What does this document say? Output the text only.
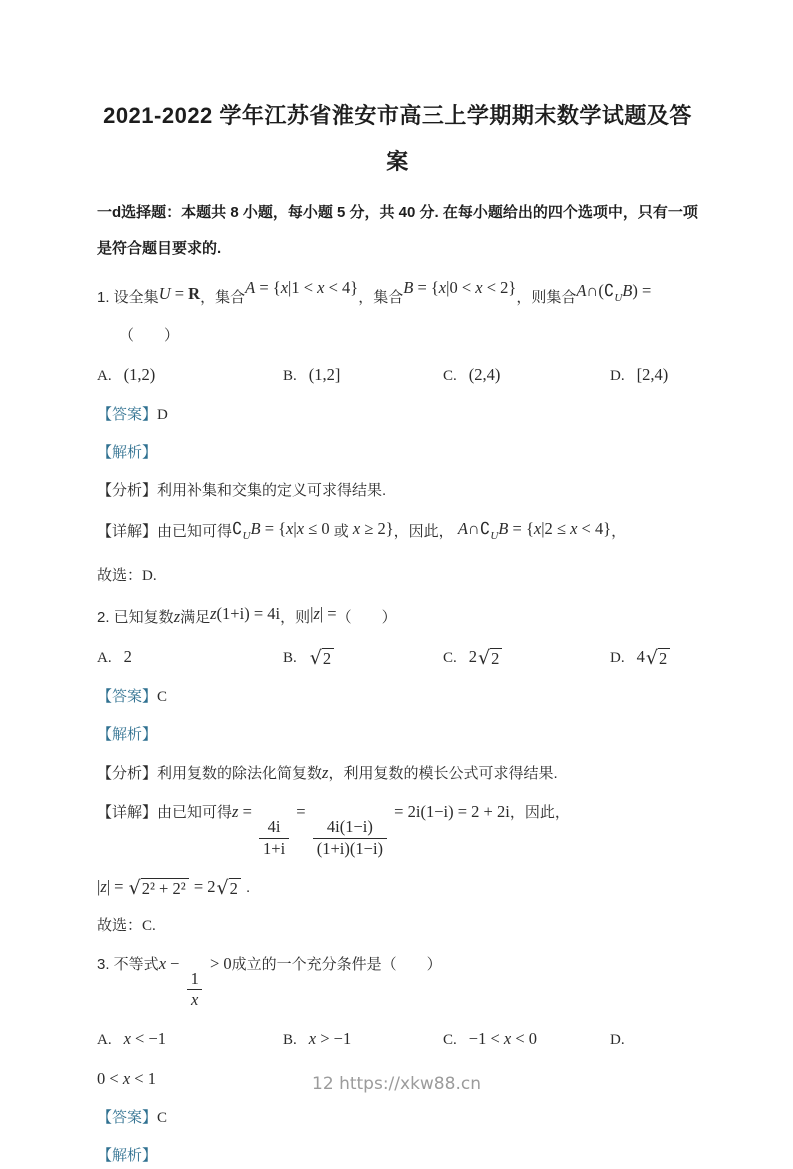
2021-2022 学年江苏省淮安市高三上学期期末数学试题及答
案
一d选择题：本题共 8 小题，每小题 5 分，共 40 分. 在每小题给出的四个选项中，只有一项是符合题目要求的.
1. 设全集U = R，集合A = {x|1 < x < 4}，集合B = {x|0 < x < 2}，则集合A∩(∁UB) =
（　　）
A. (1,2)	B. (1,2]	C. (2,4)	D. [2,4)
【答案】D
【解析】
【分析】利用补集和交集的定义可求得结果.
【详解】由已知可得$∁_UB = \{x|x \le 0$ 或 x ≥ 2}，因此， $A\cap∁_UB = \{x|2 \le x < 4\}$，
故选：D.
2. 已知复数z满足z(1+i) = 4i，则|z| =（　　）
A. 2	B. √ 2	C. 2 √ 2	D. 4 √ 2
【答案】C
【解析】
【分析】利用复数的除法化简复数z，利用复数的模长公式可求得结果.
【详解】由已知可得z =
$\frac{4i}{1+i}$
=
$\frac{4i(1-i)}{(1+i)(1-i)}$
= 2i(1−i) = 2 + 2i，因此，
|z| = √ 2² + 2² = 2 √ 2 .
故选：C.
3. 不等式x −
$\frac{1}{x}$
> 0成立的一个充分条件是（　　）
A. x < −1	B. x > −1	C. −1 < x < 0	D.
0 < x < 1
【答案】C
【解析】
12 https://xkw88.cn
